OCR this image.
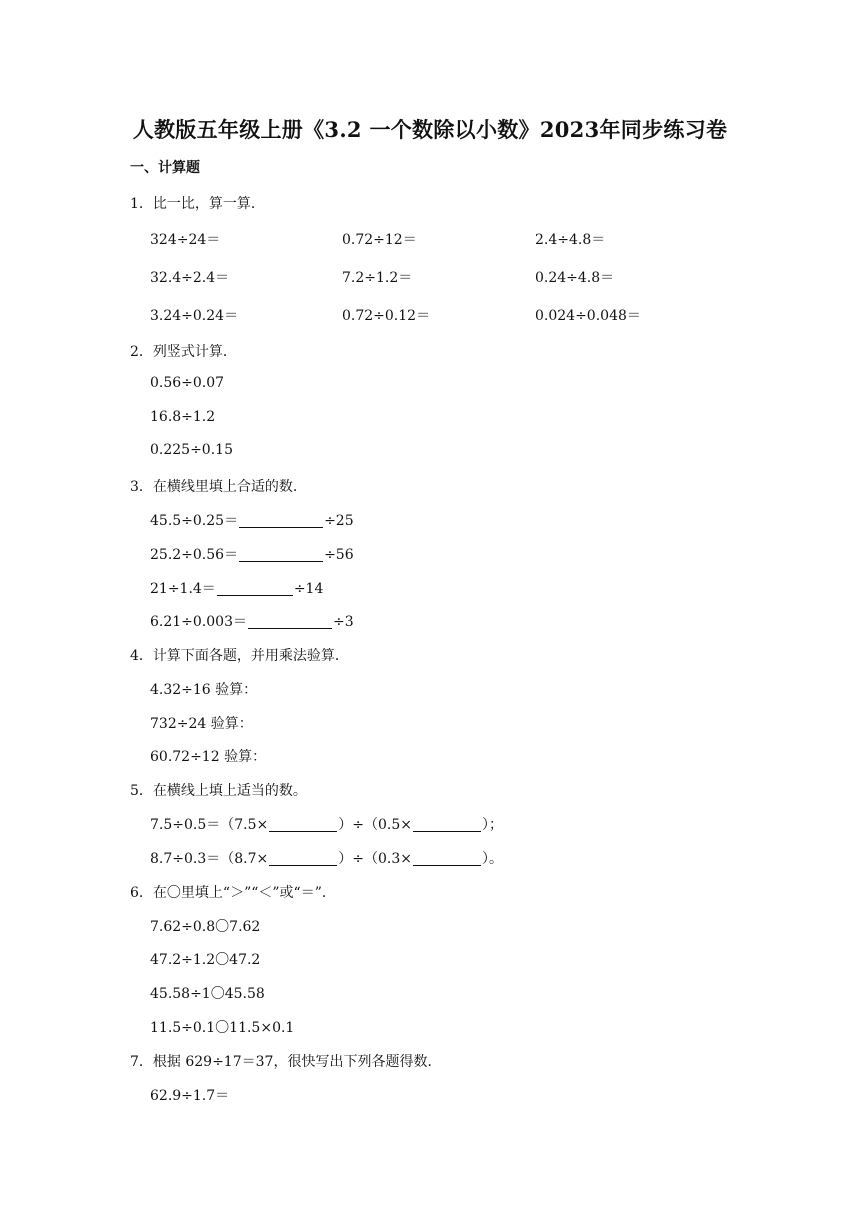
人教版五年级上册《3.2 一个数除以小数》2023年同步练习卷
一、计算题
1．比一比，算一算．
324÷24＝	0.72÷12＝	2.4÷4.8＝
32.4÷2.4＝	7.2÷1.2＝	0.24÷4.8＝
3.24÷0.24＝	0.72÷0.12＝	0.024÷0.048＝
2．列竖式计算．
0.56÷0.07
16.8÷1.2
0.225÷0.15
3．在横线里填上合适的数．
45.5÷0.25＝	÷25
25.2÷0.56＝	÷56
21÷1.4＝	÷14
6.21÷0.003＝	÷3
4．计算下面各题，并用乘法验算．
4.32÷16 验算：
732÷24 验算：
60.72÷12 验算：
5．在横线上填上适当的数。
7.5÷0.5＝（7.5×	）÷（0.5×	）；
8.7÷0.3＝（8.7×	）÷（0.3×	）。
6．在〇里填上“＞”“＜”或“＝”．
7.62÷0.8〇7.62
47.2÷1.2〇47.2
45.58÷1〇45.58
11.5÷0.1〇11.5×0.1
7．根据 629÷17＝37，很快写出下列各题得数．
62.9÷1.7＝
